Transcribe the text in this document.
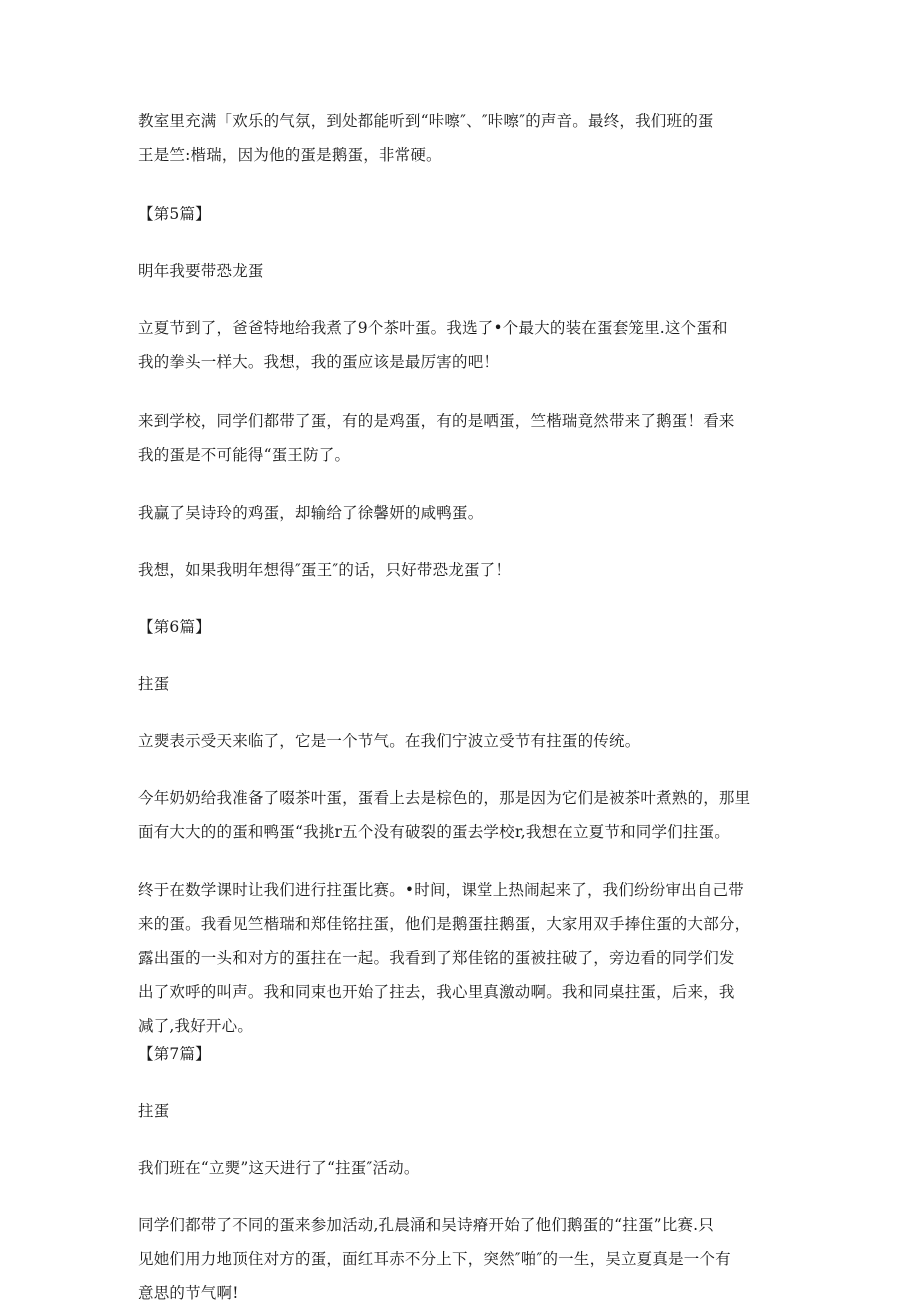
教室里充满「欢乐的气氛，到处都能听到“咔嚓″、″咔嚓″的声音。最终，我们班的蛋
王是竺:楷瑞，因为他的蛋是鹅蛋，非常硬。
【第5篇】
明年我要带恐龙蛋
立夏节到了，爸爸特地给我煮了9个茶叶蛋。我选了•个最大的装在蛋套笼里.这个蛋和
我的拳头一样大。我想，我的蛋应该是最厉害的吧！
来到学校，同学们都带了蛋，有的是鸡蛋，有的是哂蛋，竺楷瑞竟然带来了鹅蛋！看来
我的蛋是不可能得“蛋王防了。
我赢了吴诗玲的鸡蛋，却输给了徐馨妍的咸鸭蛋。
我想，如果我明年想得″蛋王″的话，只好带恐龙蛋了！
【第6篇】
拄蛋
立燛表示受天来临了，它是一个节气。在我们宁波立受节有拄蛋的传统。
今年奶奶给我准备了啜茶叶蛋，蛋看上去是棕色的，那是因为它们是被茶叶煮熟的，那里
面有大大的的蛋和鸭蛋“我挑r五个没有破裂的蛋去学校r,我想在立夏节和同学们拄蛋。
终于在数学课时让我们进行拄蛋比赛。•时间，课堂上热闹起来了，我们纷纷审出自己带
来的蛋。我看见竺楷瑞和郑佳铭拄蛋，他们是鹅蛋拄鹅蛋，大家用双手捧住蛋的大部分，
露出蛋的一头和对方的蛋拄在一起。我看到了郑佳铭的蛋被拄破了，旁边看的同学们发
出了欢呼的叫声。我和同束也开始了拄去，我心里真激动啊。我和同桌拄蛋，后来，我
减了,我好开心。
【第7篇】
拄蛋
我们班在“立燛”这天进行了“拄蛋″活动。
同学们都带了不同的蛋来参加活动,孔晨涌和吴诗瘠开始了他们鹅蛋的“拄蛋”比赛.只
见她们用力地顶住对方的蛋，面红耳赤不分上下，突然″啪″的一生，吴立夏真是一个有
意思的节气啊!
